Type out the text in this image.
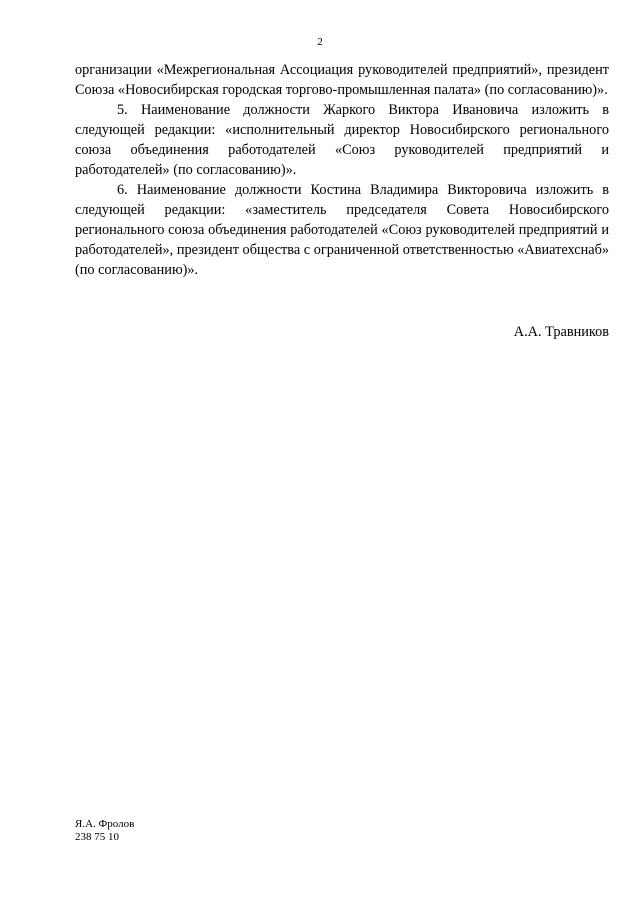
2

организации «Межрегиональная Ассоциация руководителей предприятий», президент Союза «Новосибирская городская торгово-промышленная палата» (по согласованию)».

5. Наименование должности Жаркого Виктора Ивановича изложить в следующей редакции: «исполнительный директор Новосибирского регионального союза объединения работодателей «Союз руководителей предприятий и работодателей» (по согласованию)».

6. Наименование должности Костина Владимира Викторовича изложить в следующей редакции: «заместитель председателя Совета Новосибирского регионального союза объединения работодателей «Союз руководителей предприятий и работодателей», президент общества с ограниченной ответственностью «Авиатехснаб» (по согласованию)».

А.А. Травников
Я.А. Фролов
238 75 10
